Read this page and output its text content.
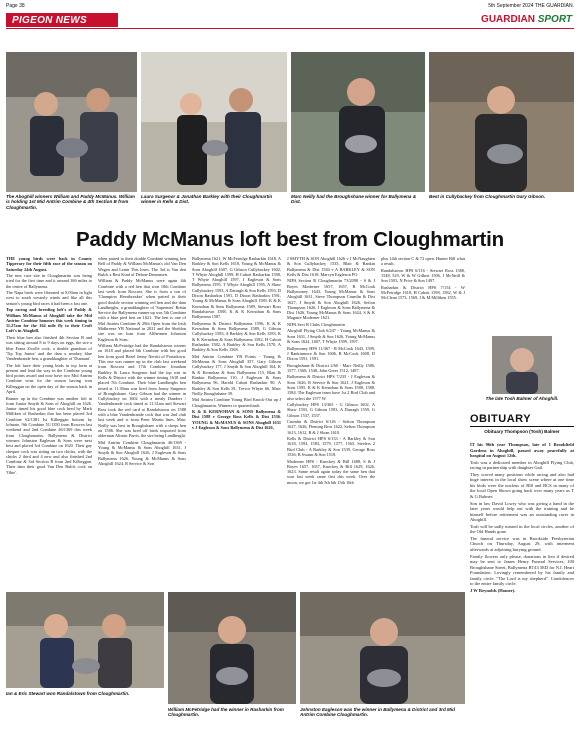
Page 38	5th September 2024 THE GUARDIAN.
PIGEON NEWS	GUARDIAN SPORT
The Aboghill winners William and Paddy McManus. William is holding 1st Mid Antrim Combine & 4th Section B from Cloughmartin.
Laura Surgenor & Jonathan Barkley with their Cloughmartin winner in Kells & Dist.
Marc Neilly had the Broughshane winner for Ballymena & Dist.
Best in Cullybackey from Cloughmartin Gary Gibson.
Paddy McManus loft best from Cloughmartin

THE young birds were back in County Tipperary for their fifth race of the season on Saturday 24th August.

The new race site in Cloughmartin was being tried for the first time and it around 166 miles to the centre of Ballymena.

The Napa birds were liberated at 8.00am in light west to south westerly winds and like all this season's young bird races it had been a fast one.

Top racing and breeding loft's of Paddy & William McManus of Ahoghill take the Mid Antrim Combine honours this week timing in 11.27am for the 164 mile fly to their Croft Loft's in Ahoghill.

Their blue hen also finished 4th Section B and was sitting around 8 to 9 days on eggs, the sire a blue Franz Zwolle cock, a double grandson of 'Tip Top Junior' and the dam a smokey blue Vandenbrande hen, a granddaughter of 'Diamant'.

The loft have their young birds in top form at present and lead the way in the Combine young bird points award and now have two Mid Antrim Combine wins for the season having won Kilbeggan on the open day of the season back in April.

Runner up in the Combine was another loft in form Junior Smyth & Sons of Ahoghill on 1626. Junior timed his good blue cock bred by Mark Milliken of Rasharkin that has been placed 3rd Combine 62/1381 Ist Kilbeggan bottom by lofmate, 9th Combine 51/1350 from Roscrea last weekend and 2nd Combine 46/1369 this week from Cloughmartin. Ballymena & District winners Johnston Eagleson & Sons were next best and placed 3rd Combine on 1620. Their gay chequer cock was sitting on two chicks, with the chicks 2 third and 4 new and also finished 2nd Combine & 3rd Section B from 2nd Kilbeggan. Their dam their good Van Den Bulck cock on 'Obie'.

when paired to their double Combine winning hen Bell of Paddy & William McManus's old Van Den Wegen and Lenin This loses. The 3rd is Van den Bulck x Best Kind of Dehon-Demonsen.

William & Paddy McManus were again 4th Combine with a red hen that won 10th Combine last week from Roscrea. She is from a son of 'Champion Heartbreaker' when paired to their good double section winning red hen and the dam Landberghs, a granddaughter of 'Supremes' Robin Service the Ballymena runner up was 5th Combine with a blue pied hen on 1621. The hen is one of Mid Antrim Combine & 29th Open from the Irish Midbreeze YB National in 2021 and the Sheldon sire was on loan from Alfheimen Johnston Eagleson & Sons.

William McFetridge had the Randalstown winner on 1618 and placed 6th Combine with her good hen from good Bezel Jenny Nerritt of Portadown. This one was runner up in the club last weekend from Roscrea and 17th Combine. Jonathan Barkley & Laura Surgenor had the top win in Kells & District with the winner timing 1618 and placed 7th Combine. Their blue Landberghs hen timed at 11.30am was bred from Jonny Surgenor of Broughshane. Gary Gibson had the winner in Cullybackey on 1602 with a mealy Danders / Vandenbrande cock timed at 11.31am and Stewart Ross took the red card at Randalstown on 1588 with a blue Vandenbrande cock that was 2nd club last week and is from Peter Martin lines. Marc Neilly was best in Broughshane with a chequ hen on 1586. She was bred off birds imported from alderman Alistair Parris, the sire being Landberghi.

Mid Antrim Combine Cloughmartin 46/1369 - Young & McManus & Sons Ahoghill 1631, J Smyth & Son Ahoghill 1626, J Eagleson & Sons Ballymena 1626, Young & McManus & Sons Ahoghill 1624, R Service & Son

Ballymena 1621, W McFetridge Rasharkin 1618, A Barkley & Son Kells 1618, Young & McManus & Sons Ahoghill 1607, G Gibson Cullybackey 1602, T Whyte Ahoghill 1599, H Cabott Rasharkin 1598, T Whyte Ahoghill 1597, J Eagleson & Sons Ballymena 1595, T Whyte Ahoghill 1595, A Shaw Cullybackey 1593, A Darragh & Son Kells 1593, D Dixon Rasharkin 1591, D Dixon Rasharkin 1591, Young & McManus & Sons Ahoghill 1589, K & K Kernohan & Sons Ballymena 1589, Stewart Ross Randalstown 1588, K & K Kernohan & Sons Ballymena 1587.

Ballymena & District Ballymena 1596, K & K Kernohan & Sons Ballymena 1589, G Gibson Cullybackey 1583, A Barkley & Son Kells 1583, K & K Kernohan & Sons Ballymena 1582, H Cabott Rasharkin 1582, A Barkley & Son Kells 1570, A Barkley & Son Kells 1568.

Mid Antrim Combine YB Points - Young & McManus & Sons Ahoghill 357, Gary Gibson Cullybackey 177, J Smyth & Son Ahoghill 164, K & K Kernohan & Sons Ballymena 115, Blair & Rankin Ballymena 110, J Eagleson & Sons Ballymena 96, Harold Cabott Rasharkin 90, A Barkley & Son Kells 81, Trevor Whyte 66, Marc Neilly Broughshane 39.

Mid Antrim Combine Young Bird Knock-Out up J Cloughmartin. Winners to quarterfinals

K & K KERNOHAN & SONS Ballymena & Dist 1588 v George Ross Kells & Dist 1536. YOUNG & McMANUS & SONS Ahoghill 1631 v J Eagleson & Sons Ballymena & Dist 1626,

J SMYTH & SON Ahoghill 1626 v J McNaughten & Son Cullybackey 1535, Blair & Rankin Ballymena & Dist 1584 v A BARKLEY & SON Kells & Dist 1618. Marcyn Eagleson PO.

NIPA Section B Cloughmartin 73/2098 - S & J Boyes Moderner 1657, 1657, R McCook Ballymoney 1643, Young McManus & Sons Ahoghill 1631, Steve Thompson Crumlin & Dist 1627, J Smyth & Son Ahoghill 1626, Sefton Thompson 1626, J Eagleson & Sons Ballymena & Dist 1626, Young McManus & Sons 1624, S & K Maguire Moderner 1621.

NIPA Sect B Clubs Cloughmartin

Ahoghill Flying Club 6/247 - Young McManus & Sons 1631, J Smyth & Son 1626, Young McManus & Sons 1624, 1607, T Whyte 1599, 1597.

Ballymoney HPS 11/367 - R McCook 1643, 1599, J Rankinmore & Son 1606, R McCook 1608, D Dixon 1591, 1591.

Broughshane & District 2/60 - Marc Neilly 1586, 1577, 1568, 1548, John Greer 1512, 1487.

Ballymena & District HPS 7/235 - J Eagleson & Sons 1626, R Service & Son 1621, J Eagleson & Sons 1595, K & K Kernohan & Sons 1588, 1588, 1584. The Eagleson team have 1st 2 Bird Club and also select the 1577 W.

Cullybackey HPS 13/365 - G Gibson 1602, A Shaw 1593, G Gibson 1583, A Darragh 1559, G Gibson 1537, 1537.

Crumlin & District 6/126 - Sefton Thompson 1627, 1626, Fleming Bros 1622, Sefton Thompson 1613, 1612, R & J Sloan 1610.

Kells & District HPS 6/133 - A Barkley & Son 1618, 1593, 1583, 1579, 1577, 1565. Steelers 2 Bird Club - A Barkley & Son 1539, George Ross 1536, B Swann & Son 1518.

Moderner HPS - Knockey & Bill 1688, S & J Boyes 1657, 1657, Knockey & Bill 1629, 1626, 1623. Same result again today the same hen that won last week came first this week. Over the moon, we got 1st 4th 5th 6th 15th 16th

plus 14th section C & 72 open. Hunter Bill what a result.

Randalstown HPS 6/116 - Stewart Ross 1588, 1548, 529, W & W Gilbert 1506, J McNeill & Son 1503, N Price & Son 1497.

Rasharkin & District HPS 7/154 - W McFetridge 1618, H Cabott 1598, 1582, W & J McClean 1573, 1569, J & M Milliken 1555.

The late Tosh Balmer of Ahoghill.
OBITUARY
Obituary Thompson (Tosh) Balmer

IT his 96th year Thompson, late of 1 Brookfield Gardens in Ahoghill, passed away peacefully at hospital on August 12th.

Tosh was a dedicated member in Ahoghill Flying Club, racing in partnership with daughter Gail.

They scored many positions while racing and also had huge interest in the local show scene where at one time his birds were the nucleus of BIS and BCS in many of the local Open Shows going back over many years as T & G Balmer.

Son in law David Lowry who was giving a hand in the later years would help out with the training and he himself before retirement was an outstanding racer in Ahoghill.

Tosh will be sadly missed in the local circles, another of the Old Hands gone.

The funeral service was in Brookside Presbyterian Church on Thursday, August 29, with interment afterwards at adjoining burying ground.

Family flowers only please, donations in lieu if desired may be sent to James Henry Funeral Services, 100 Broughshane Street, Ballymena BT43 5ED for N.I. Heart Foundation. Lovingly remembered by his family and family circle. "The Lord is my shepherd". Condolences to the entire family circle.

J W Reynolds (Homer).

Ian & Eric Stewart won Randalstown from Cloughmartin.
William McFetridge had the winner in Rasharkin from Cloughmartin.
Johnston Eagleson was the winner in Ballymena & District and 3rd Mid Antrim Combine Cloughmartin.
